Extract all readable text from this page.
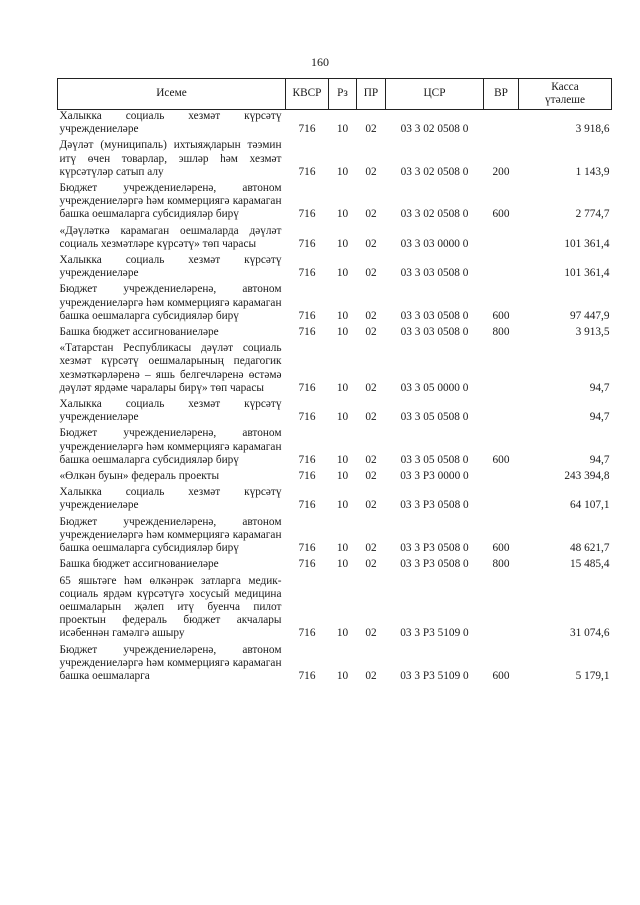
160
Исеме	КВСР	Рз	ПР	ЦСР	ВР	Касса
үтәлеше
Халыкка социаль хезмәт күрсәтү учреждениеләре	716	10	02	03 3 02 0508 0		3 918,6
Дәүләт (муниципаль) ихтыяҗларын тәэмин итү өчен товарлар, эшләр һәм хезмәт күрсәтүләр сатып алу	716	10	02	03 3 02 0508 0	200	1 143,9
Бюджет учреждениеләренә, автоном учреждениеләргә һәм коммерциягә карамаган башка оешмаларга субсидияләр бирү	716	10	02	03 3 02 0508 0	600	2 774,7
«Дәүләткә карамаган оешмаларда дәүләт социаль хезмәтләре күрсәтү» төп чарасы	716	10	02	03 3 03 0000 0		101 361,4
Халыкка социаль хезмәт күрсәтү учреждениеләре	716	10	02	03 3 03 0508 0		101 361,4
Бюджет учреждениеләренә, автоном учреждениеләргә һәм коммерциягә карамаган башка оешмаларга субсидияләр бирү	716	10	02	03 3 03 0508 0	600	97 447,9
Башка бюджет ассигнованиеләре	716	10	02	03 3 03 0508 0	800	3 913,5
«Татарстан Республикасы дәүләт социаль хезмәт күрсәтү оешмаларының педагогик хезмәткәрләренә – яшь белгечләренә өстәмә дәүләт ярдәме чаралары бирү» төп чарасы	716	10	02	03 3 05 0000 0		94,7
Халыкка социаль хезмәт күрсәтү учреждениеләре	716	10	02	03 3 05 0508 0		94,7
Бюджет учреждениеләренә, автоном учреждениеләргә һәм коммерциягә карамаган башка оешмаларга субсидияләр бирү	716	10	02	03 3 05 0508 0	600	94,7
«Өлкән буын» федераль проекты	716	10	02	03 3 P3 0000 0		243 394,8
Халыкка социаль хезмәт күрсәтү учреждениеләре	716	10	02	03 3 P3 0508 0		64 107,1
Бюджет учреждениеләренә, автоном учреждениеләргә һәм коммерциягә карамаган башка оешмаларга субсидияләр бирү	716	10	02	03 3 P3 0508 0	600	48 621,7
Башка бюджет ассигнованиеләре	716	10	02	03 3 P3 0508 0	800	15 485,4
65 яшьтәге һәм өлкәнрәк затларга медик-социаль ярдәм күрсәтүгә хосусый медицина оешмаларын җәлеп итү буенча пилот проектын федераль бюджет акчалары исәбеннән гамәлгә ашыру	716	10	02	03 3 P3 5109 0		31 074,6
Бюджет учреждениеләренә, автоном учреждениеләргә һәм коммерциягә карамаган башка оешмаларга	716	10	02	03 3 P3 5109 0	600	5 179,1
